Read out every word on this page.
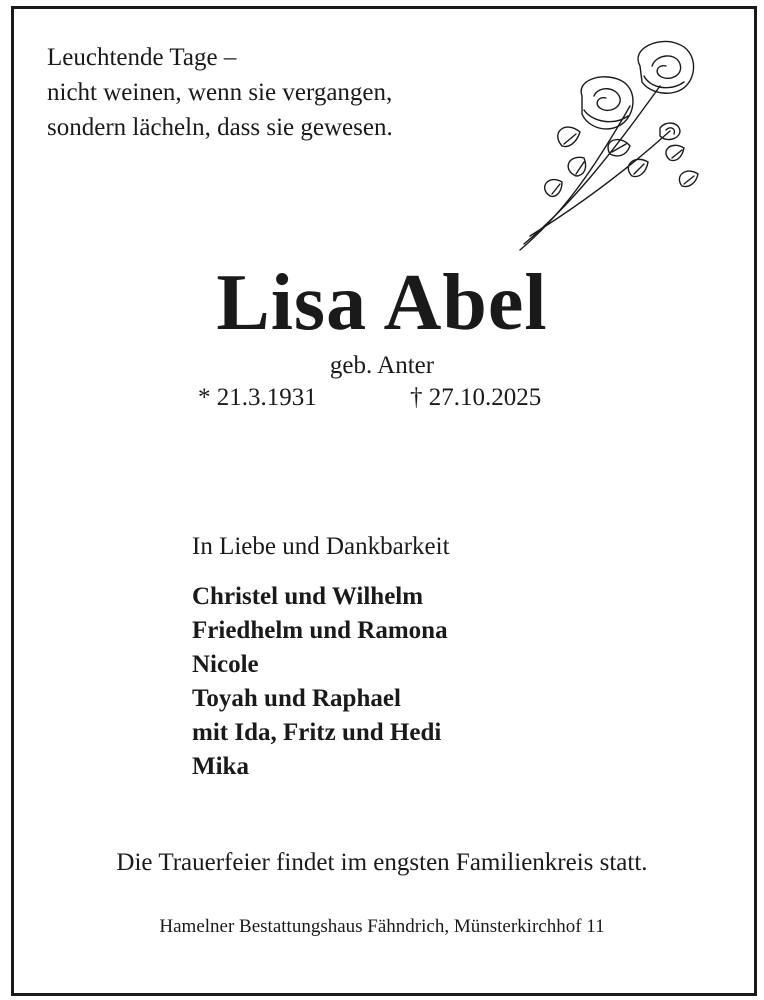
Leuchtende Tage –
nicht weinen, wenn sie vergangen,
sondern lächeln, dass sie gewesen.
Lisa Abel
geb. Anter
* 21.3.1931	† 27.10.2025
In Liebe und Dankbarkeit
Christel und Wilhelm
Friedhelm und Ramona
Nicole
Toyah und Raphael
mit Ida, Fritz und Hedi
Mika
Die Trauerfeier findet im engsten Familienkreis statt.
Hamelner Bestattungshaus Fähndrich, Münsterkirchhof 11
